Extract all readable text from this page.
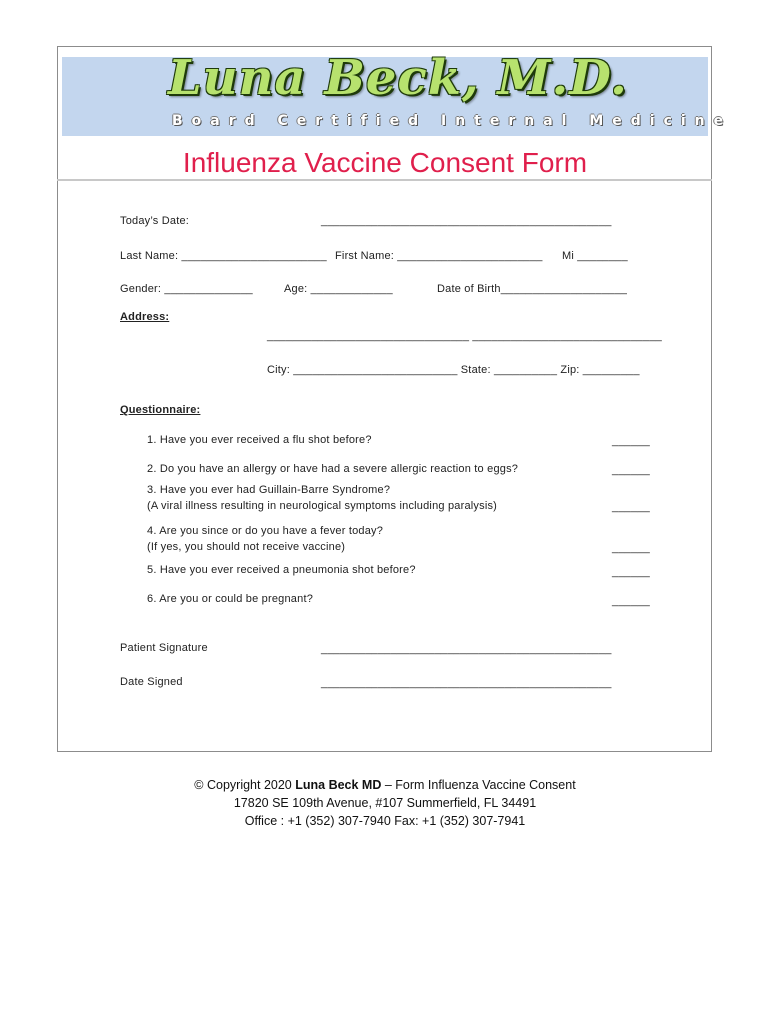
Luna Beck, M.D.
Board Certified Internal Medicine
Influenza Vaccine Consent Form
Today’s Date:	______________________________________________
Last Name: _______________________ First Name: _______________________ Mi ________
Gender: ______________	Age: _____________	Date of Birth____________________
Address:
________________________________ ______________________________
City: __________________________ State: __________ Zip: _________
Questionnaire:
1. Have you ever received a flu shot before?	______
2. Do you have an allergy or have had a severe allergic reaction to eggs?	______
3. Have you ever had Guillain-Barre Syndrome?
(A viral illness resulting in neurological symptoms including paralysis)	______
4. Are you since or do you have a fever today?
(If yes, you should not receive vaccine)	______
5. Have you ever received a pneumonia shot before?	______
6. Are you or could be pregnant?	______
Patient Signature	______________________________________________
Date Signed	______________________________________________
© Copyright 2020 Luna Beck MD – Form Influenza Vaccine Consent
17820 SE 109th Avenue, #107 Summerfield, FL 34491
Office : +1 (352) 307-7940 Fax: +1 (352) 307-7941
